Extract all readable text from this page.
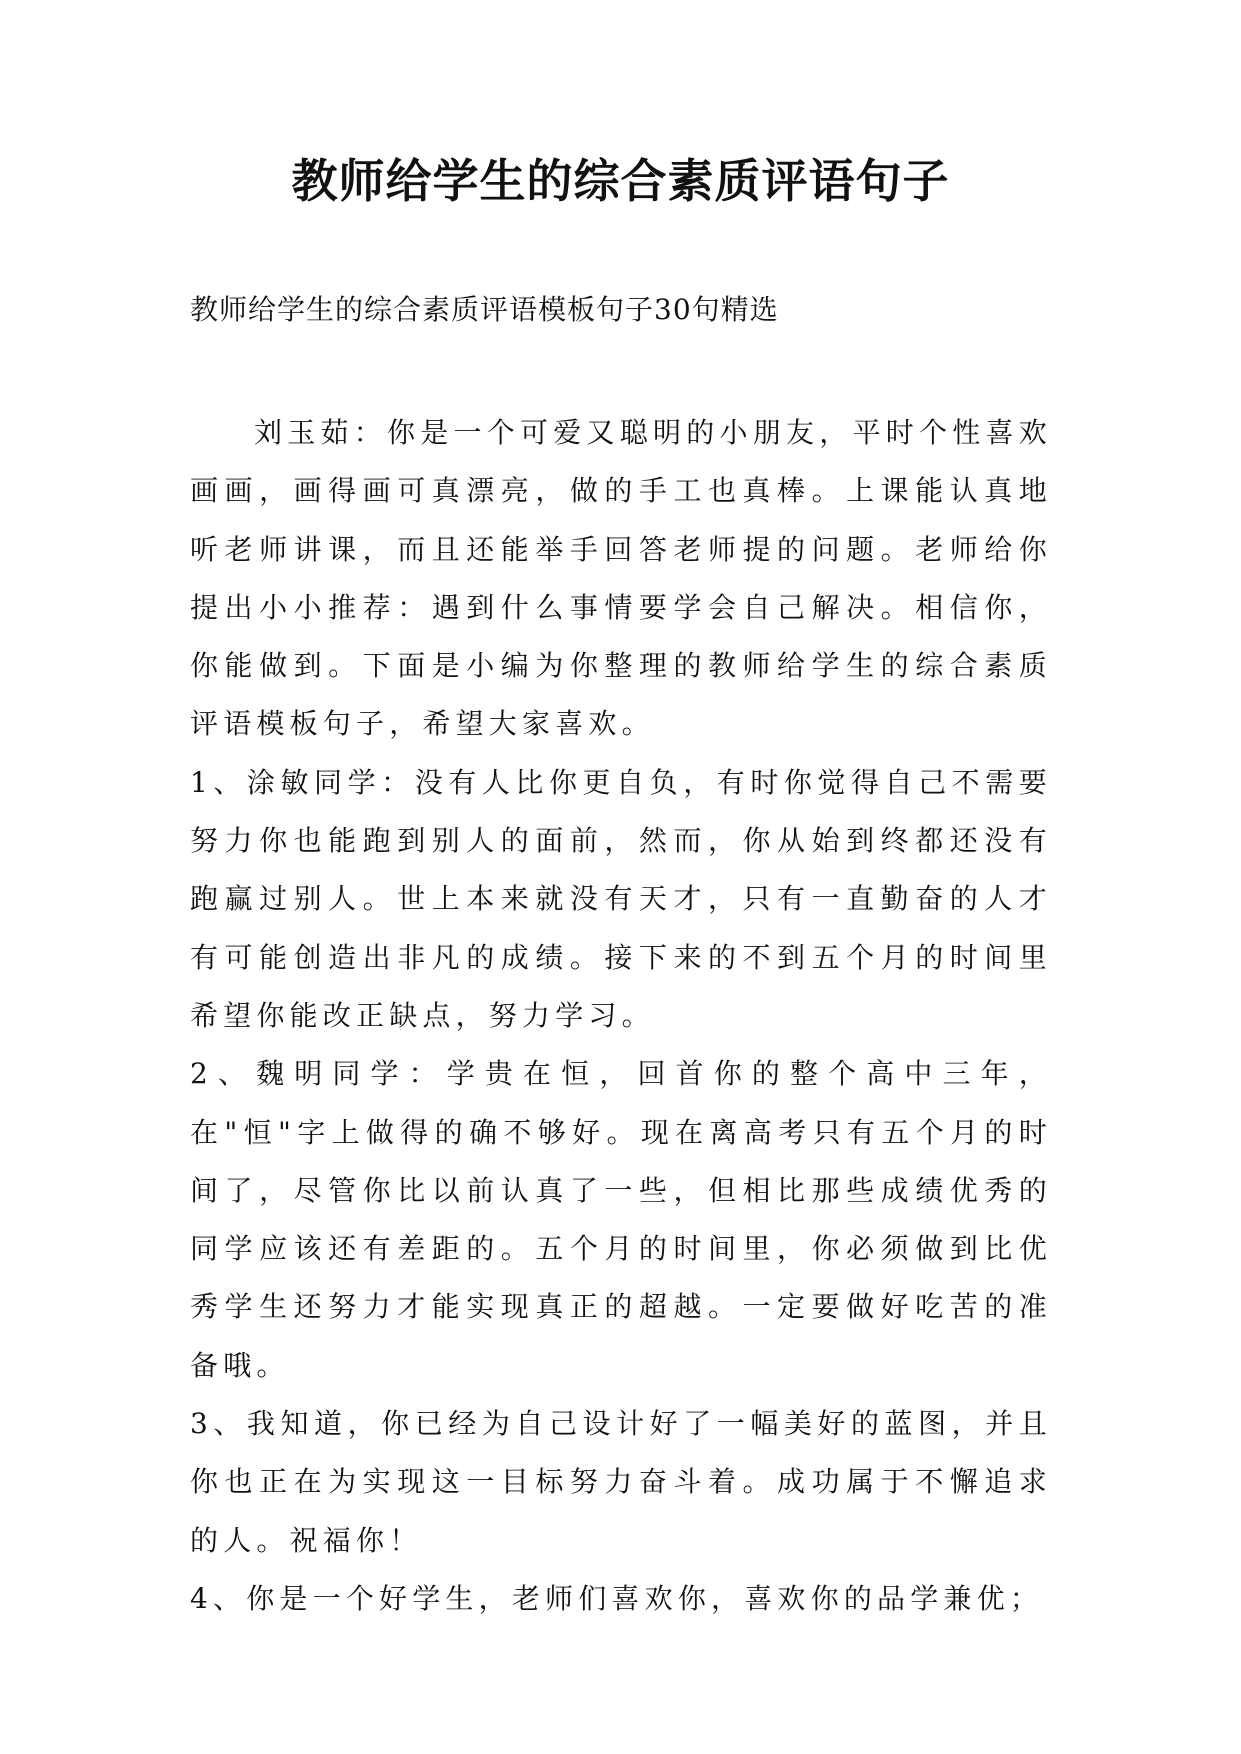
教师给学生的综合素质评语句子
教师给学生的综合素质评语模板句子30句精选

刘玉茹：你是一个可爱又聪明的小朋友，平时个性喜欢画画，画得画可真漂亮，做的手工也真棒。上课能认真地听老师讲课，而且还能举手回答老师提的问题。老师给你提出小小推荐：遇到什么事情要学会自己解决。相信你，你能做到。下面是小编为你整理的教师给学生的综合素质评语模板句子，希望大家喜欢。

1、涂敏同学：没有人比你更自负，有时你觉得自己不需要努力你也能跑到别人的面前，然而，你从始到终都还没有跑赢过别人。世上本来就没有天才，只有一直勤奋的人才有可能创造出非凡的成绩。接下来的不到五个月的时间里希望你能改正缺点，努力学习。

2、魏明同学：学贵在恒，回首你的整个高中三年，在"恒"字上做得的确不够好。现在离高考只有五个月的时间了，尽管你比以前认真了一些，但相比那些成绩优秀的同学应该还有差距的。五个月的时间里，你必须做到比优秀学生还努力才能实现真正的超越。一定要做好吃苦的准备哦。

3、我知道，你已经为自己设计好了一幅美好的蓝图，并且你也正在为实现这一目标努力奋斗着。成功属于不懈追求的人。祝福你！

4、你是一个好学生，老师们喜欢你，喜欢你的品学兼优；
